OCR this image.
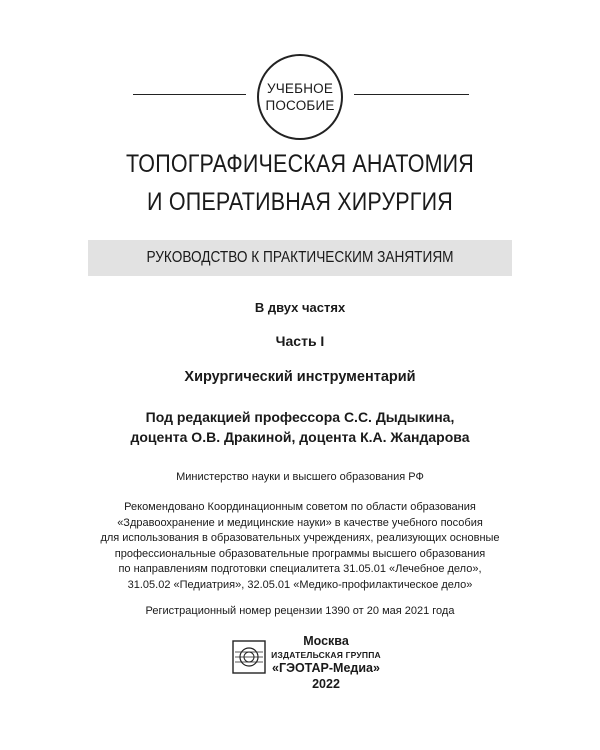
УЧЕБНОЕ
ПОСОБИЕ
ТОПОГРАФИЧЕСКАЯ АНАТОМИЯ
И ОПЕРАТИВНАЯ ХИРУРГИЯ
РУКОВОДСТВО К ПРАКТИЧЕСКИМ ЗАНЯТИЯМ
В двух частях
Часть I
Хирургический инструментарий
Под редакцией профессора С.С. Дыдыкина,
доцента О.В. Дракиной, доцента К.А. Жандарова
Министерство науки и высшего образования РФ
Рекомендовано Координационным советом по области образования
«Здравоохранение и медицинские науки» в качестве учебного пособия
для использования в образовательных учреждениях, реализующих основные
профессиональные образовательные программы высшего образования
по направлениям подготовки специалитета 31.05.01 «Лечебное дело»,
31.05.02 «Педиатрия», 32.05.01 «Медико-профилактическое дело»
Регистрационный номер рецензии 1390 от 20 мая 2021 года
Москва
ИЗДАТЕЛЬСКАЯ ГРУППА
«ГЭОТАР-Медиа»
2022
